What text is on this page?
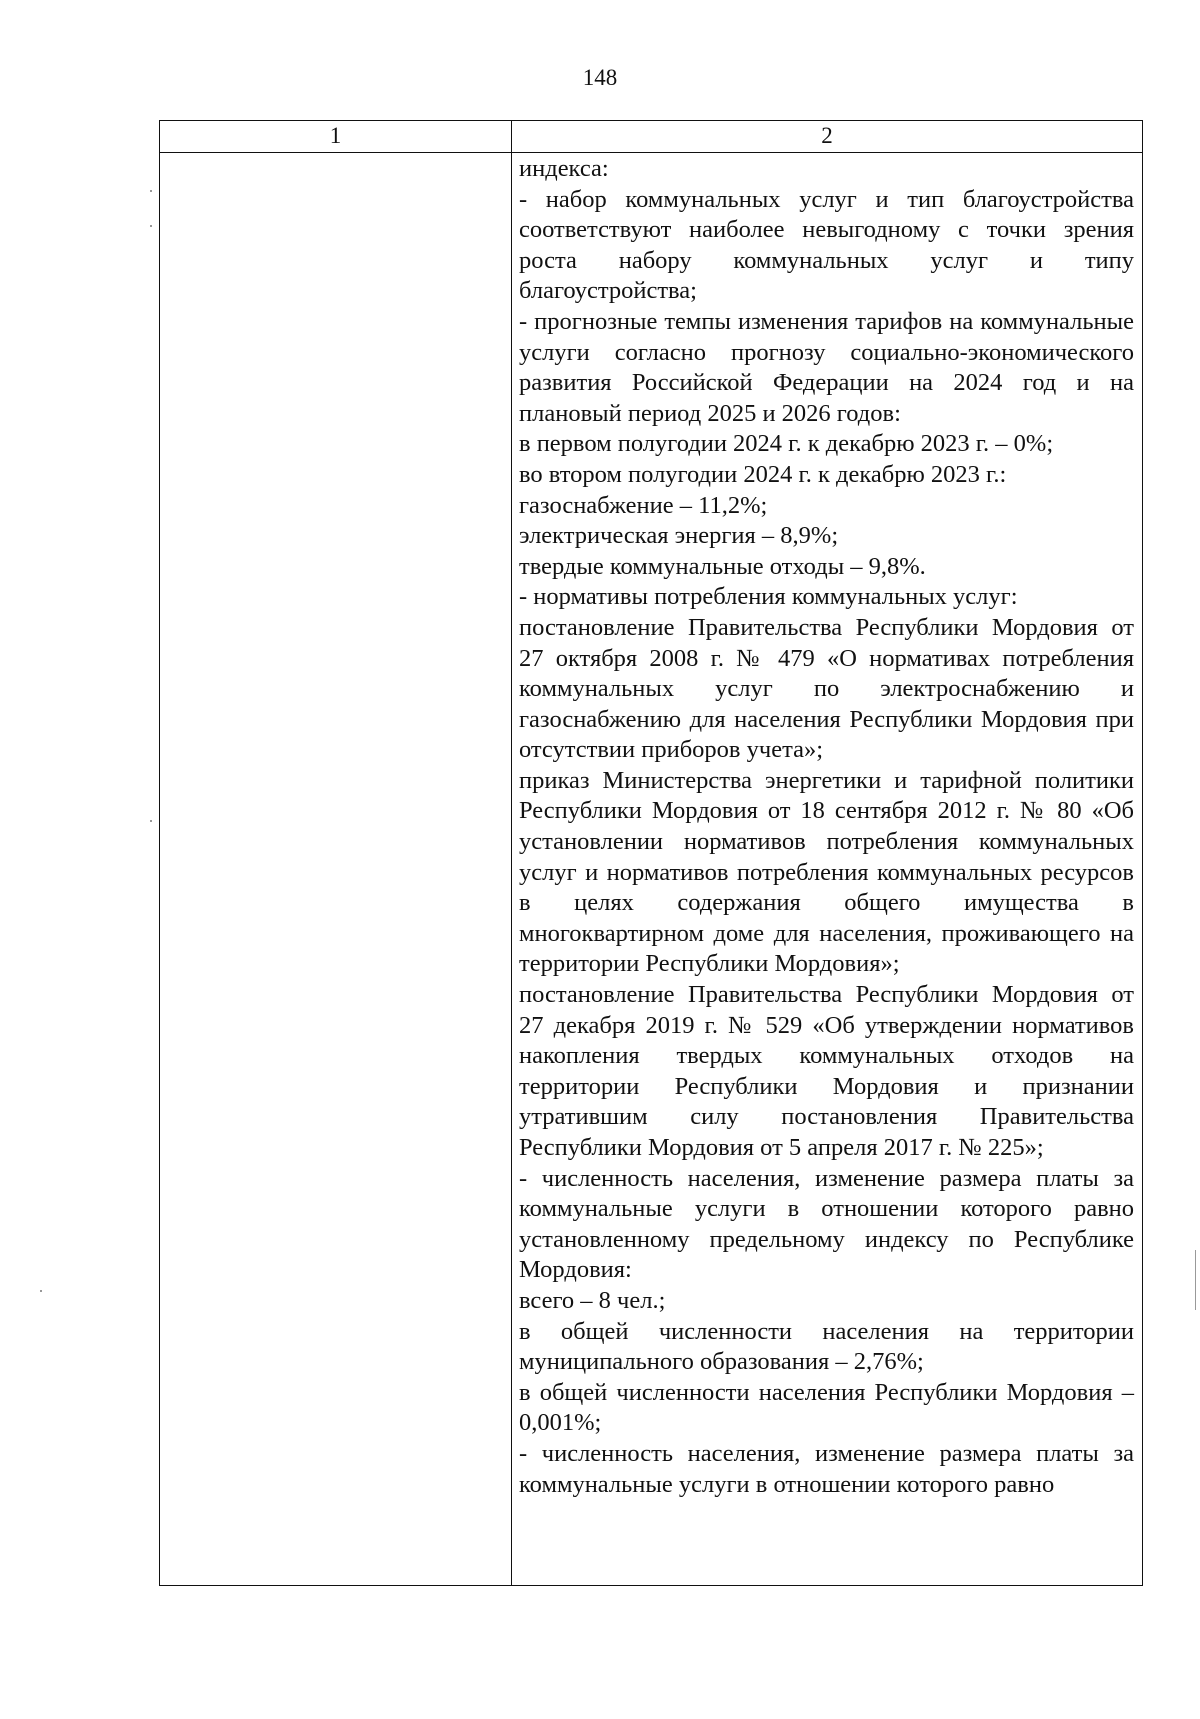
148
1	2

индекса:

- набор коммунальных услуг и тип благоустройства соответствуют наиболее невыгодному с точки зрения роста набору коммунальных услуг и типу благоустройства;

- прогнозные темпы изменения тарифов на коммунальные услуги согласно прогнозу социально-экономического развития Российской Федерации на 2024 год и на плановый период 2025 и 2026 годов:

в первом полугодии 2024 г. к декабрю 2023 г. – 0%;

во втором полугодии 2024 г. к декабрю 2023 г.:

газоснабжение – 11,2%;

электрическая энергия – 8,9%;

твердые коммунальные отходы – 9,8%.

- нормативы потребления коммунальных услуг:

постановление Правительства Республики Мордовия от 27 октября 2008 г. № 479 «О нормативах потребления коммунальных услуг по электроснабжению и газоснабжению для населения Республики Мордовия при отсутствии приборов учета»;

приказ Министерства энергетики и тарифной политики Республики Мордовия от 18 сентября 2012 г. № 80 «Об установлении нормативов потребления коммунальных услуг и нормативов потребления коммунальных ресурсов в целях содержания общего имущества в многоквартирном доме для населения, проживающего на территории Республики Мордовия»;

постановление Правительства Республики Мордовия от 27 декабря 2019 г. № 529 «Об утверждении нормативов накопления твердых коммунальных отходов на территории Республики Мордовия и признании утратившим силу постановления Правительства Республики Мордовия от 5 апреля 2017 г. № 225»;

- численность населения, изменение размера платы за коммунальные услуги в отношении которого равно установленному предельному индексу по Республике Мордовия:

всего – 8 чел.;

в общей численности населения на территории муниципального образования – 2,76%;

в общей численности населения Республики Мордовия – 0,001%;

- численность населения, изменение размера платы за коммунальные услуги в отношении которого равно
